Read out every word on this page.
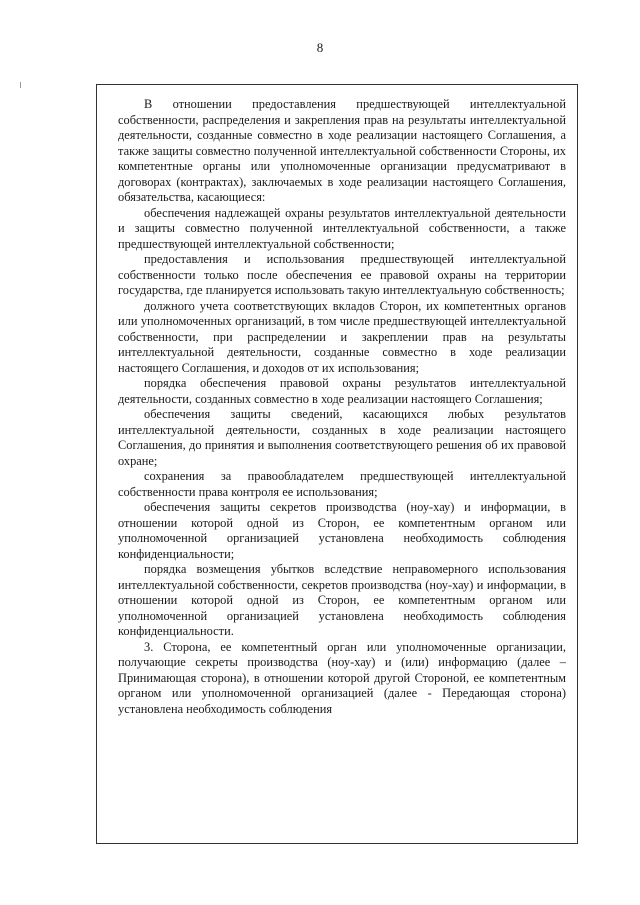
8

В отношении предоставления предшествующей интеллектуальной собственности, распределения и закрепления прав на результаты интеллектуальной деятельности, созданные совместно в ходе реализации настоящего Соглашения, а также защиты совместно полученной интеллектуальной собственности Стороны, их компетентные органы или уполномоченные организации предусматривают в договорах (контрактах), заключаемых в ходе реализации настоящего Соглашения, обязательства, касающиеся:

обеспечения надлежащей охраны результатов интеллектуальной деятельности и защиты совместно полученной интеллектуальной собственности, а также предшествующей интеллектуальной собственности;

предоставления и использования предшествующей интеллектуальной собственности только после обеспечения ее правовой охраны на территории государства, где планируется использовать такую интеллектуальную собственность;

должного учета соответствующих вкладов Сторон, их компетентных органов или уполномоченных организаций, в том числе предшествующей интеллектуальной собственности, при распределении и закреплении прав на результаты интеллектуальной деятельности, созданные совместно в ходе реализации настоящего Соглашения, и доходов от их использования;

порядка обеспечения правовой охраны результатов интеллектуальной деятельности, созданных совместно в ходе реализации настоящего Соглашения;

обеспечения защиты сведений, касающихся любых результатов интеллектуальной деятельности, созданных в ходе реализации настоящего Соглашения, до принятия и выполнения соответствующего решения об их правовой охране;

сохранения за правообладателем предшествующей интеллектуальной собственности права контроля ее использования;

обеспечения защиты секретов производства (ноу-хау) и информации, в отношении которой одной из Сторон, ее компетентным органом или уполномоченной организацией установлена необходимость соблюдения конфиденциальности;

порядка возмещения убытков вследствие неправомерного использования интеллектуальной собственности, секретов производства (ноу-хау) и информации, в отношении которой одной из Сторон, ее компетентным органом или уполномоченной организацией установлена необходимость соблюдения конфиденциальности.

3. Сторона, ее компетентный орган или уполномоченные организации, получающие секреты производства (ноу-хау) и (или) информацию (далее – Принимающая сторона), в отношении которой другой Стороной, ее компетентным органом или уполномоченной организацией (далее - Передающая сторона) установлена необходимость соблюдения
